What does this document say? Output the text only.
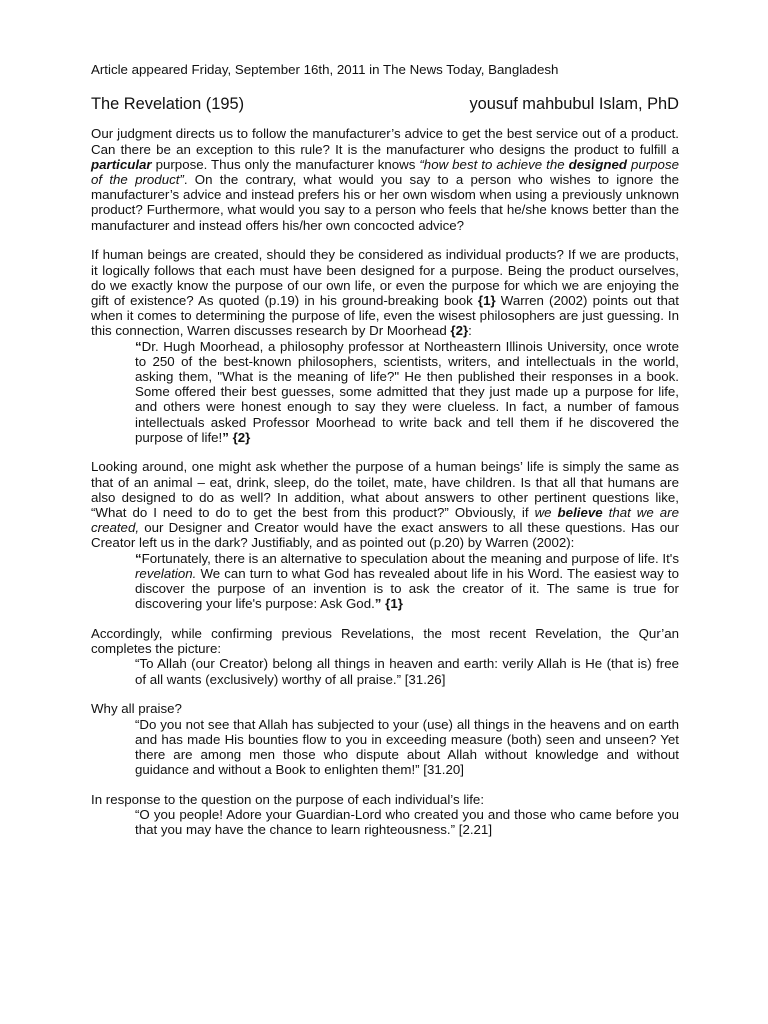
Article appeared Friday, September 16th, 2011 in The News Today, Bangladesh
The Revelation (195)	yousuf mahbubul Islam, PhD

Our judgment directs us to follow the manufacturer’s advice to get the best service out of a product. Can there be an exception to this rule? It is the manufacturer who designs the product to fulfill a particular purpose. Thus only the manufacturer knows “how best to achieve the designed purpose of the product”. On the contrary, what would you say to a person who wishes to ignore the manufacturer’s advice and instead prefers his or her own wisdom when using a previously unknown product? Furthermore, what would you say to a person who feels that he/she knows better than the manufacturer and instead offers his/her own concocted advice?

If human beings are created, should they be considered as individual products? If we are products, it logically follows that each must have been designed for a purpose. Being the product ourselves, do we exactly know the purpose of our own life, or even the purpose for which we are enjoying the gift of existence? As quoted (p.19) in his ground-breaking book {1} Warren (2002) points out that when it comes to determining the purpose of life, even the wisest philosophers are just guessing. In this connection, Warren discusses research by Dr Moorhead {2}:

“Dr. Hugh Moorhead, a philosophy professor at Northeastern Illinois University, once wrote to 250 of the best-known philosophers, scientists, writers, and intellectuals in the world, asking them, "What is the meaning of life?" He then published their responses in a book. Some offered their best guesses, some admitted that they just made up a purpose for life, and others were honest enough to say they were clueless. In fact, a number of famous intellectuals asked Professor Moorhead to write back and tell them if he discovered the purpose of life!” {2}

Looking around, one might ask whether the purpose of a human beings’ life is simply the same as that of an animal – eat, drink, sleep, do the toilet, mate, have children. Is that all that humans are also designed to do as well? In addition, what about answers to other pertinent questions like, “What do I need to do to get the best from this product?” Obviously, if we believe that we are created, our Designer and Creator would have the exact answers to all these questions. Has our Creator left us in the dark? Justifiably, and as pointed out (p.20) by Warren (2002):

“Fortunately, there is an alternative to speculation about the meaning and purpose of life. It's revelation. We can turn to what God has revealed about life in his Word. The easiest way to discover the purpose of an invention is to ask the creator of it. The same is true for discovering your life's purpose: Ask God.” {1}

Accordingly, while confirming previous Revelations, the most recent Revelation, the Qur’an completes the picture:

“To Allah (our Creator) belong all things in heaven and earth: verily Allah is He (that is) free of all wants (exclusively) worthy of all praise.” [31.26]

Why all praise?

“Do you not see that Allah has subjected to your (use) all things in the heavens and on earth and has made His bounties flow to you in exceeding measure (both) seen and unseen? Yet there are among men those who dispute about Allah without knowledge and without guidance and without a Book to enlighten them!” [31.20]

In response to the question on the purpose of each individual’s life:

“O you people! Adore your Guardian-Lord who created you and those who came before you that you may have the chance to learn righteousness.” [2.21]
